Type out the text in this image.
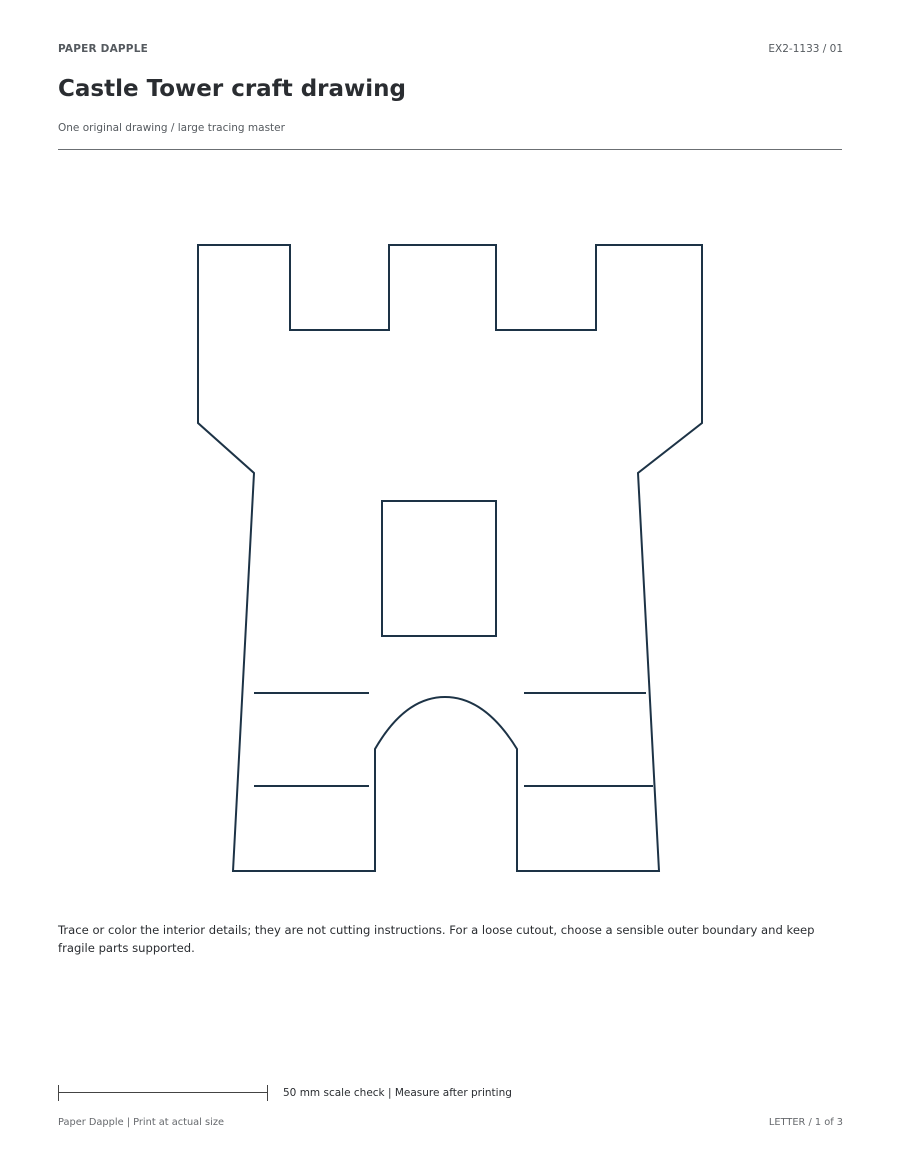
PAPER DAPPLE	EX2-1133 / 01
Castle Tower craft drawing
One original drawing / large tracing master

Trace or color the interior details; they are not cutting instructions. For a loose cutout, choose a sensible outer boundary and keep fragile parts supported.

50 mm scale check | Measure after printing
Paper Dapple | Print at actual size	LETTER / 1 of 3
